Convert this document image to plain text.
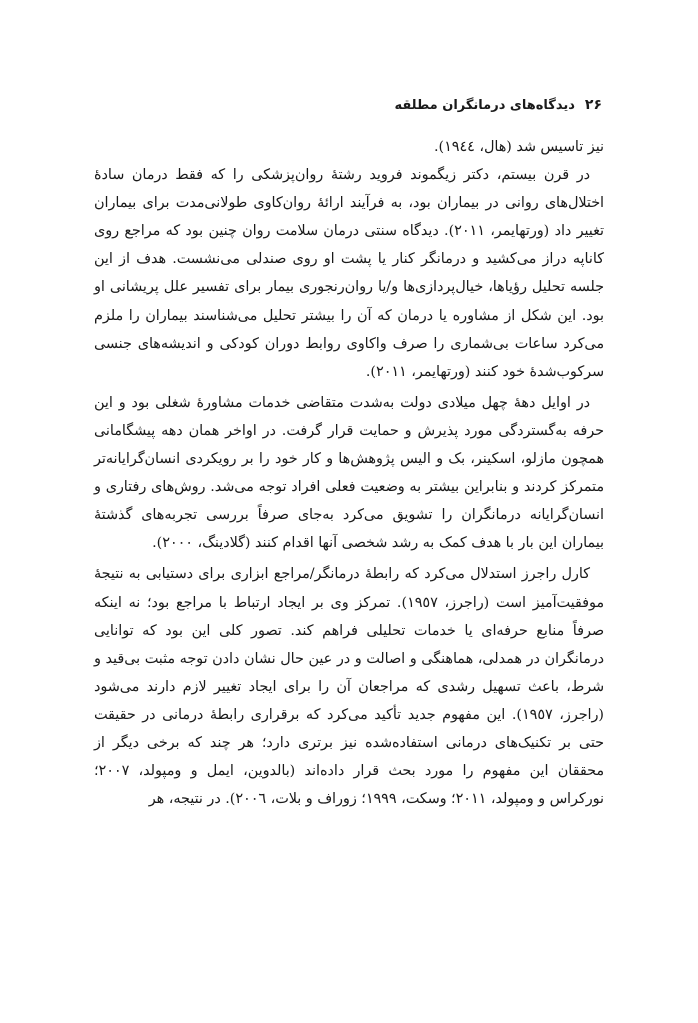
۲۶
دیدگاه‌های درمانگران مطلقه

نیز تاسیس شد (هال، ١٩٤٤).

در قرن بیستم، دکتر زیگموند فروید رشتهٔ روان‌پزشکی را که فقط درمان سادهٔ اختلال‌های روانی در بیماران بود، به فرآیند ارائهٔ روان‌کاوی طولانی‌مدت برای بیماران تغییر داد (ورتهایمر، ٢٠١١). دیدگاه سنتی درمان سلامت روان چنین بود که مراجع روی کاناپه دراز می‌کشید و درمانگر کنار یا پشت او روی صندلی می‌نشست. هدف از این جلسه تحلیل رؤیاها، خیال‌پردازی‌ها و/یا روان‌رنجوری بیمار برای تفسیر علل پریشانی او بود. این شکل از مشاوره یا درمان که آن را بیشتر تحلیل می‌شناسند بیماران را ملزم می‌کرد ساعات بی‌شماری را صرف واکاوی روابط دوران کودکی و اندیشه‌های جنسی سرکوب‌شدهٔ خود کنند (ورتهایمر، ٢٠١١).

در اوایل دههٔ چهل میلادی دولت به‌شدت متقاضی خدمات مشاورهٔ شغلی بود و این حرفه به‌گستردگی مورد پذیرش و حمایت قرار گرفت. در اواخر همان دهه پیشگامانی همچون مازلو، اسکینر، بک و الیس پژوهش‌ها و کار خود را بر رویکردی انسان‌گرایانه‌تر متمرکز کردند و بنابراین بیشتر به وضعیت فعلی افراد توجه می‌شد. روش‌های رفتاری و انسان‌گرایانه درمانگران را تشویق می‌کرد به‌جای صرفاً بررسی تجربه‌های گذشتهٔ بیماران این بار با هدف کمک به رشد شخصی آنها اقدام کنند (گلادینگ، ٢٠٠٠).

کارل راجرز استدلال می‌کرد که رابطهٔ درمانگر/مراجع ابزاری برای دستیابی به نتیجهٔ موفقیت‌آمیز است (راجرز، ١٩٥٧). تمرکز وی بر ایجاد ارتباط با مراجع بود؛ نه اینکه صرفاً منابع حرفه‌ای یا خدمات تحلیلی فراهم کند. تصور کلی این بود که توانایی درمانگران در همدلی، هماهنگی و اصالت و در عین حال نشان دادن توجه مثبت بی‌قید و شرط، باعث تسهیل رشدی که مراجعان آن را برای ایجاد تغییر لازم دارند می‌شود (راجرز، ١٩٥٧). این مفهوم جدید تأکید می‌کرد که برقراری رابطهٔ درمانی در حقیقت حتی بر تکنیک‌های درمانی استفاده‌شده نیز برتری دارد؛ هر چند که برخی دیگر از محققان این مفهوم را مورد بحث قرار داده‌اند (بالدوین، ایمل و ومپولد، ٢٠٠٧؛ نورکراس و ومپولد، ٢٠١١؛ وسکت، ١٩٩٩؛ زوراف و بلات، ٢٠٠٦). در نتیجه، هر
